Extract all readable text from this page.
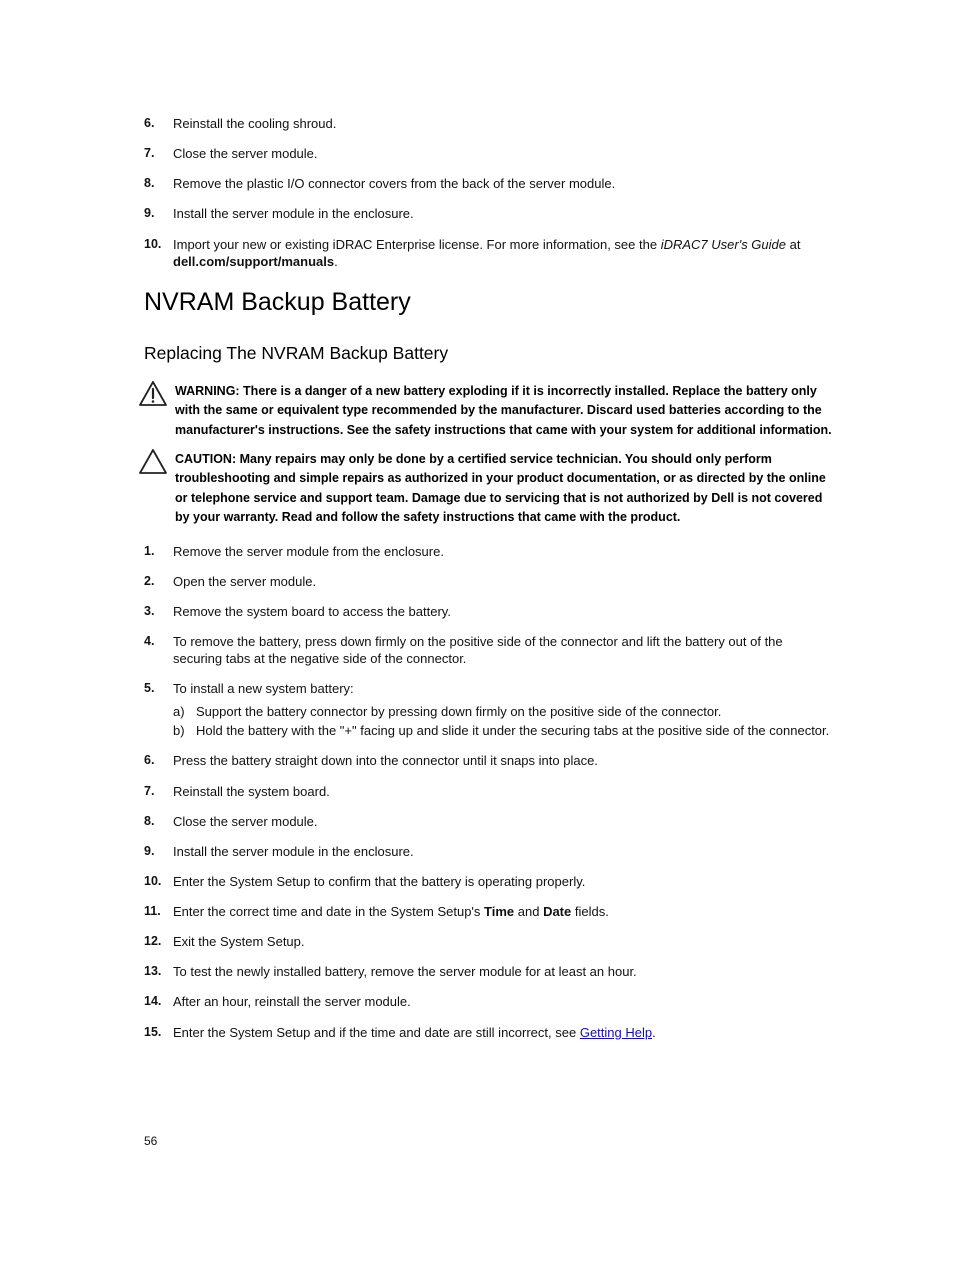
6. Reinstall the cooling shroud.
7. Close the server module.
8. Remove the plastic I/O connector covers from the back of the server module.
9. Install the server module in the enclosure.
10. Import your new or existing iDRAC Enterprise license. For more information, see the iDRAC7 User's Guide at
dell.com/support/manuals.
NVRAM Backup Battery
Replacing The NVRAM Backup Battery
WARNING: There is a danger of a new battery exploding if it is incorrectly installed. Replace the battery only with the same or equivalent type recommended by the manufacturer. Discard used batteries according to the manufacturer's instructions. See the safety instructions that came with your system for additional information.
CAUTION: Many repairs may only be done by a certified service technician. You should only perform troubleshooting and simple repairs as authorized in your product documentation, or as directed by the online or telephone service and support team. Damage due to servicing that is not authorized by Dell is not covered by your warranty. Read and follow the safety instructions that came with the product.
1. Remove the server module from the enclosure.
2. Open the server module.
3. Remove the system board to access the battery.
4. To remove the battery, press down firmly on the positive side of the connector and lift the battery out of the securing tabs at the negative side of the connector.
5. To install a new system battery:
a) Support the battery connector by pressing down firmly on the positive side of the connector.
b) Hold the battery with the "+" facing up and slide it under the securing tabs at the positive side of the connector.
6. Press the battery straight down into the connector until it snaps into place.
7. Reinstall the system board.
8. Close the server module.
9. Install the server module in the enclosure.
10. Enter the System Setup to confirm that the battery is operating properly.
11. Enter the correct time and date in the System Setup's Time and Date fields.
12. Exit the System Setup.
13. To test the newly installed battery, remove the server module for at least an hour.
14. After an hour, reinstall the server module.
15. Enter the System Setup and if the time and date are still incorrect, see Getting Help.
56
